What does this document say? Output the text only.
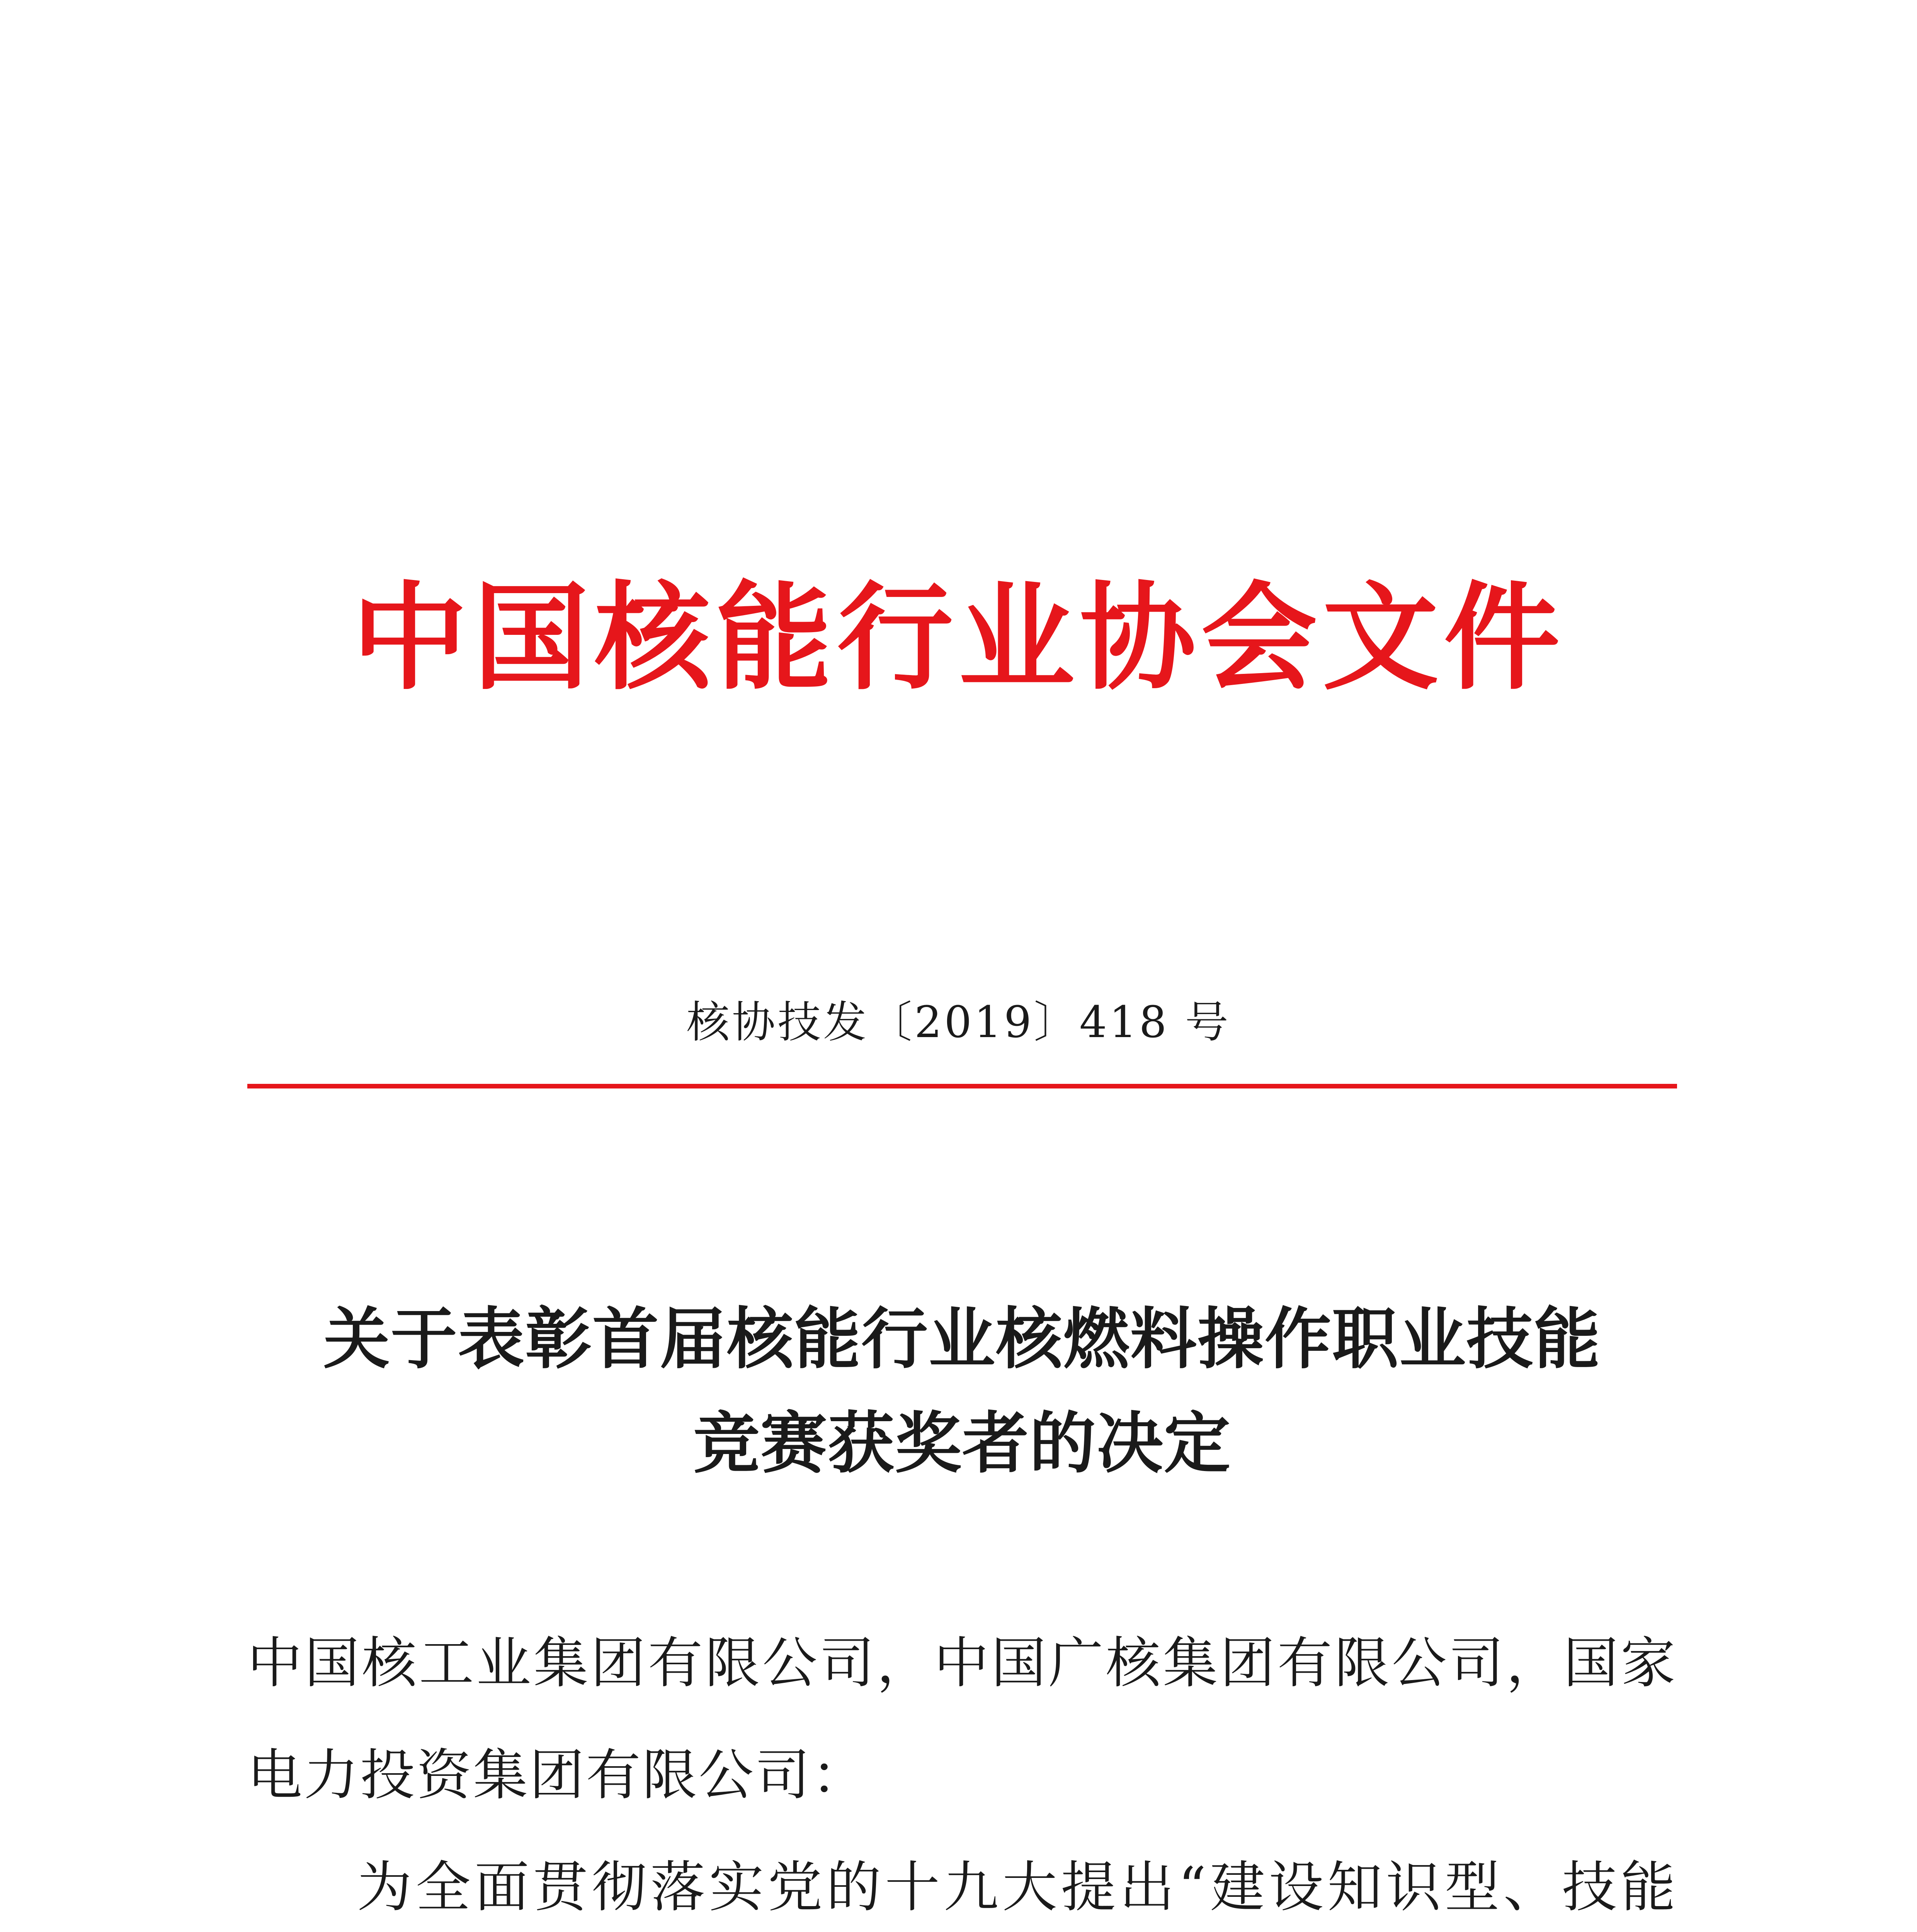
中国核能行业协会文件
核协技发〔2019〕418 号
关于表彰首届核能行业核燃料操作职业技能
竞赛获奖者的决定

中国核工业集团有限公司，中国广核集团有限公司，国家电力投资集团有限公司：

为全面贯彻落实党的十九大提出“建设知识型、技能
